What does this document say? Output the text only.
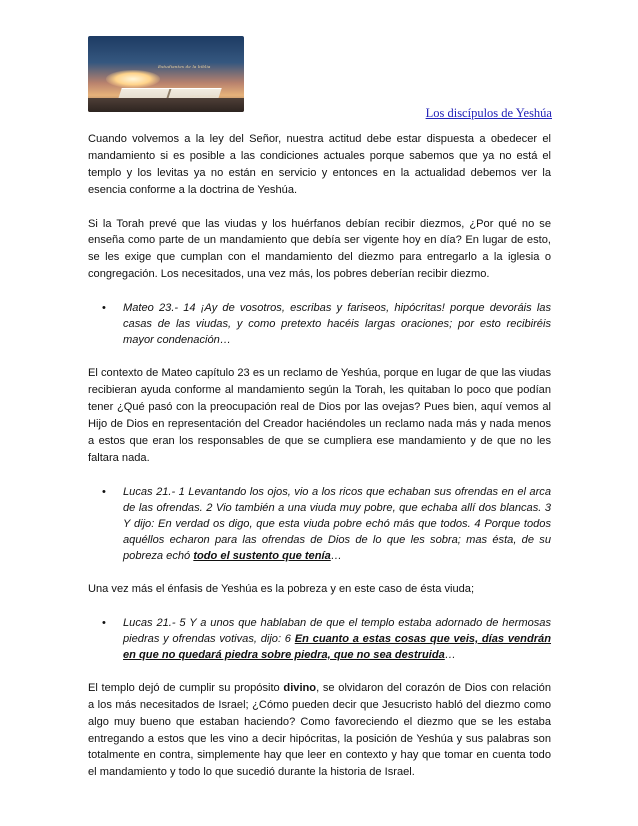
Estudiantes de la biblia
estudiantesbiblia
Los discípulos de Yeshúa

Cuando volvemos a la ley del Señor, nuestra actitud debe estar dispuesta a obedecer el mandamiento si es posible a las condiciones actuales porque sabemos que ya no está el templo y los levitas ya no están en servicio y entonces en la actualidad debemos ver la esencia conforme a la doctrina de Yeshúa.

Si la Torah prevé que las viudas y los huérfanos debían recibir diezmos, ¿Por qué no se enseña como parte de un mandamiento que debía ser vigente hoy en día? En lugar de esto, se les exige que cumplan con el mandamiento del diezmo para entregarlo a la iglesia o congregación. Los necesitados, una vez más, los pobres deberían recibir diezmo.

• Mateo 23.- 14 ¡Ay de vosotros, escribas y fariseos, hipócritas! porque devoráis las casas de las viudas, y como pretexto hacéis largas oraciones; por esto recibiréis mayor condenación…

El contexto de Mateo capítulo 23 es un reclamo de Yeshúa, porque en lugar de que las viudas recibieran ayuda conforme al mandamiento según la Torah, les quitaban lo poco que podían tener ¿Qué pasó con la preocupación real de Dios por las ovejas? Pues bien, aquí vemos al Hijo de Dios en representación del Creador haciéndoles un reclamo nada más y nada menos a estos que eran los responsables de que se cumpliera ese mandamiento y de que no les faltara nada.

• Lucas 21.- 1 Levantando los ojos, vio a los ricos que echaban sus ofrendas en el arca de las ofrendas. 2 Vio también a una viuda muy pobre, que echaba allí dos blancas. 3 Y dijo: En verdad os digo, que esta viuda pobre echó más que todos. 4 Porque todos aquéllos echaron para las ofrendas de Dios de lo que les sobra; mas ésta, de su pobreza echó todo el sustento que tenía…

Una vez más el énfasis de Yeshúa es la pobreza y en este caso de ésta viuda;

• Lucas 21.- 5 Y a unos que hablaban de que el templo estaba adornado de hermosas piedras y ofrendas votivas, dijo: 6 En cuanto a estas cosas que veis, días vendrán en que no quedará piedra sobre piedra, que no sea destruida…

El templo dejó de cumplir su propósito divino, se olvidaron del corazón de Dios con relación a los más necesitados de Israel; ¿Cómo pueden decir que Jesucristo habló del diezmo como algo muy bueno que estaban haciendo? Como favoreciendo el diezmo que se les estaba entregando a estos que les vino a decir hipócritas, la posición de Yeshúa y sus palabras son totalmente en contra, simplemente hay que leer en contexto y hay que tomar en cuenta todo el mandamiento y todo lo que sucedió durante la historia de Israel.
